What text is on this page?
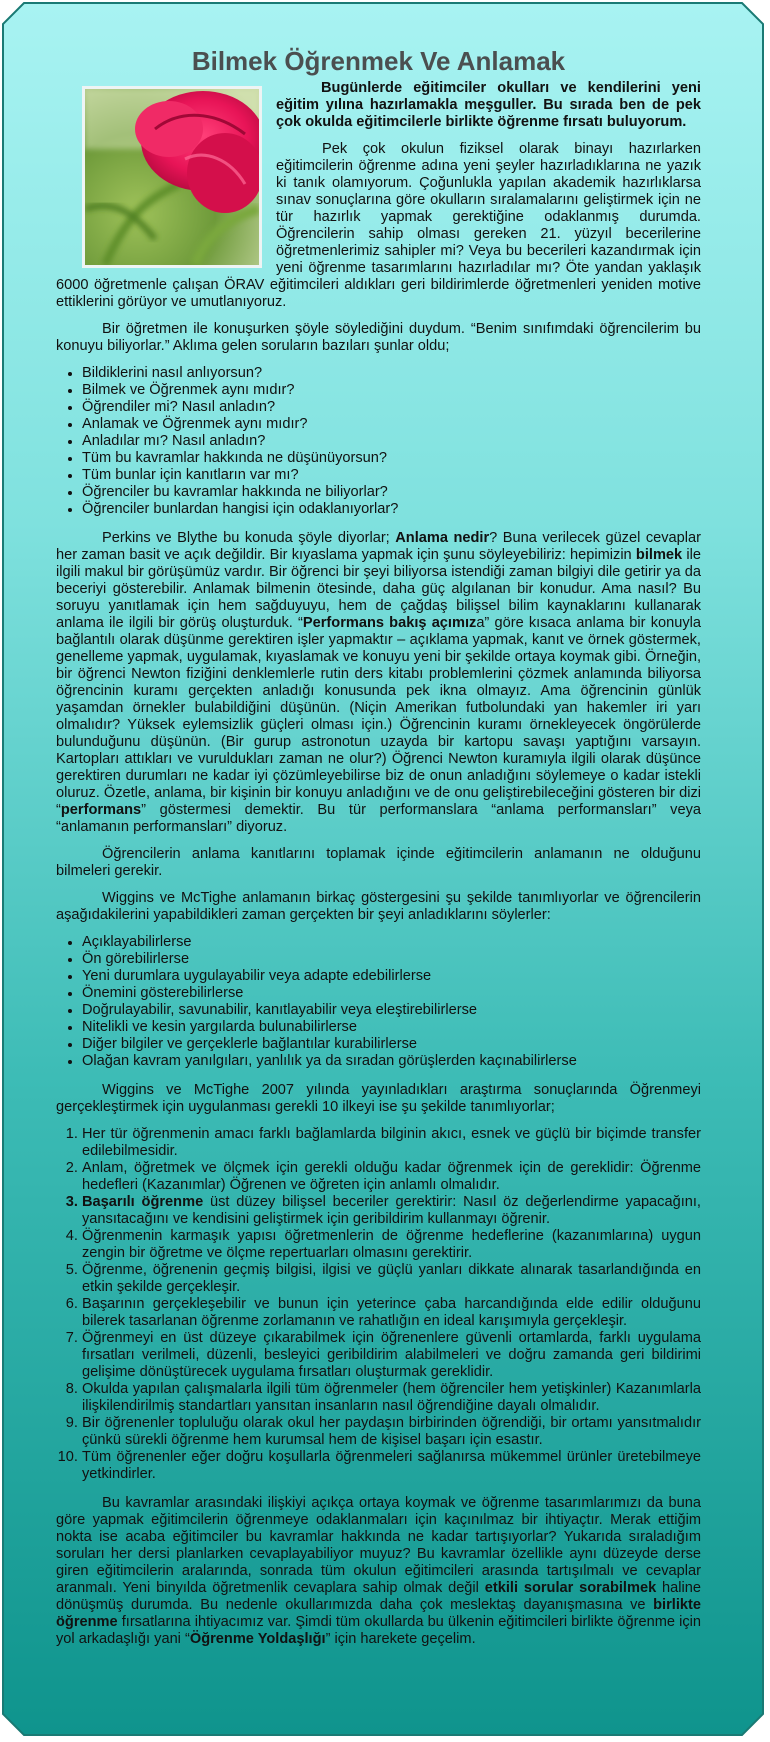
Bilmek Öğrenmek Ve Anlamak

Bugünlerde eğitimciler okulları ve kendilerini yeni eğitim yılına hazırlamakla meşguller. Bu sırada ben de pek çok okulda eğitimcilerle birlikte öğrenme fırsatı buluyorum.

Pek çok okulun fiziksel olarak binayı hazırlarken eğitimcilerin öğrenme adına yeni şeyler hazırladıklarına ne yazık ki tanık olamıyorum. Çoğunlukla yapılan akademik hazırlıklarsa sınav sonuçlarına göre okulların sıralamalarını geliştirmek için ne tür hazırlık yapmak gerektiğine odaklanmış durumda. Öğrencilerin sahip olması gereken 21. yüzyıl becerilerine öğretmenlerimiz sahipler mi? Veya bu becerileri kazandırmak için yeni öğrenme tasarımlarını hazırladılar mı? Öte yandan yaklaşık 6000 öğretmenle çalışan ÖRAV eğitimcileri aldıkları geri bildirimlerde öğretmenleri yeniden motive ettiklerini görüyor ve umutlanıyoruz.

Bir öğretmen ile konuşurken şöyle söylediğini duydum. “Benim sınıfımdaki öğrencilerim bu konuyu biliyorlar.” Aklıma gelen soruların bazıları şunlar oldu;

• Bildiklerini nasıl anlıyorsun?
• Bilmek ve Öğrenmek aynı mıdır?
• Öğrendiler mi? Nasıl anladın?
• Anlamak ve Öğrenmek aynı mıdır?
• Anladılar mı? Nasıl anladın?
• Tüm bu kavramlar hakkında ne düşünüyorsun?
• Tüm bunlar için kanıtların var mı?
• Öğrenciler bu kavramlar hakkında ne biliyorlar?
• Öğrenciler bunlardan hangisi için odaklanıyorlar?

Perkins ve Blythe bu konuda şöyle diyorlar; Anlama nedir? Buna verilecek güzel cevaplar her zaman basit ve açık değildir. Bir kıyaslama yapmak için şunu söyleyebiliriz: hepimizin bilmek ile ilgili makul bir görüşümüz vardır. Bir öğrenci bir şeyi biliyorsa istendiği zaman bilgiyi dile getirir ya da beceriyi gösterebilir. Anlamak bilmenin ötesinde, daha güç algılanan bir konudur. Ama nasıl? Bu soruyu yanıtlamak için hem sağduyuyu, hem de çağdaş bilişsel bilim kaynaklarını kullanarak anlama ile ilgili bir görüş oluşturduk. “Performans bakış açımıza” göre kısaca anlama bir konuyla bağlantılı olarak düşünme gerektiren işler yapmaktır – açıklama yapmak, kanıt ve örnek göstermek, genelleme yapmak, uygulamak, kıyaslamak ve konuyu yeni bir şekilde ortaya koymak gibi. Örneğin, bir öğrenci Newton fiziğini denklemlerle rutin ders kitabı problemlerini çözmek anlamında biliyorsa öğrencinin kuramı gerçekten anladığı konusunda pek ikna olmayız. Ama öğrencinin günlük yaşamdan örnekler bulabildiğini düşünün. (Niçin Amerikan futbolundaki yan hakemler iri yarı olmalıdır? Yüksek eylemsizlik güçleri olması için.) Öğrencinin kuramı örnekleyecek öngörülerde bulunduğunu düşünün. (Bir gurup astronotun uzayda bir kartopu savaşı yaptığını varsayın. Kartopları attıkları ve vuruldukları zaman ne olur?) Öğrenci Newton kuramıyla ilgili olarak düşünce gerektiren durumları ne kadar iyi çözümleyebilirse biz de onun anladığını söylemeye o kadar istekli oluruz. Özetle, anlama, bir kişinin bir konuyu anladığını ve de onu geliştirebileceğini gösteren bir dizi “performans” göstermesi demektir. Bu tür performanslara “anlama performansları” veya “anlamanın performansları” diyoruz.

Öğrencilerin anlama kanıtlarını toplamak içinde eğitimcilerin anlamanın ne olduğunu bilmeleri gerekir.

Wiggins ve McTighe anlamanın birkaç göstergesini şu şekilde tanımlıyorlar ve öğrencilerin aşağıdakilerini yapabildikleri zaman gerçekten bir şeyi anladıklarını söylerler:

• Açıklayabilirlerse
• Ön görebilirlerse
• Yeni durumlara uygulayabilir veya adapte edebilirlerse
• Önemini gösterebilirlerse
• Doğrulayabilir, savunabilir, kanıtlayabilir veya eleştirebilirlerse
• Nitelikli ve kesin yargılarda bulunabilirlerse
• Diğer bilgiler ve gerçeklerle bağlantılar kurabilirlerse
• Olağan kavram yanılgıları, yanlılık ya da sıradan görüşlerden kaçınabilirlerse

Wiggins ve McTighe 2007 yılında yayınladıkları araştırma sonuçlarında Öğrenmeyi gerçekleştirmek için uygulanması gerekli 10 ilkeyi ise şu şekilde tanımlıyorlar;

1. Her tür öğrenmenin amacı farklı bağlamlarda bilginin akıcı, esnek ve güçlü bir biçimde transfer edilebilmesidir.
2. Anlam, öğretmek ve ölçmek için gerekli olduğu kadar öğrenmek için de gereklidir: Öğrenme hedefleri (Kazanımlar) Öğrenen ve öğreten için anlamlı olmalıdır.
3. Başarılı öğrenme üst düzey bilişsel beceriler gerektirir: Nasıl öz değerlendirme yapacağını, yansıtacağını ve kendisini geliştirmek için geribildirim kullanmayı öğrenir.
4. Öğrenmenin karmaşık yapısı öğretmenlerin de öğrenme hedeflerine (kazanımlarına) uygun zengin bir öğretme ve ölçme repertuarları olmasını gerektirir.
5. Öğrenme, öğrenenin geçmiş bilgisi, ilgisi ve güçlü yanları dikkate alınarak tasarlandığında en etkin şekilde gerçekleşir.
6. Başarının gerçekleşebilir ve bunun için yeterince çaba harcandığında elde edilir olduğunu bilerek tasarlanan öğrenme zorlamanın ve rahatlığın en ideal karışımıyla gerçekleşir.
7. Öğrenmeyi en üst düzeye çıkarabilmek için öğrenenlere güvenli ortamlarda, farklı uygulama fırsatları verilmeli, düzenli, besleyici geribildirim alabilmeleri ve doğru zamanda geri bildirimi gelişime dönüştürecek uygulama fırsatları oluşturmak gereklidir.
8. Okulda yapılan çalışmalarla ilgili tüm öğrenmeler (hem öğrenciler hem yetişkinler) Kazanımlarla ilişkilendirilmiş standartları yansıtan insanların nasıl öğrendiğine dayalı olmalıdır.
9. Bir öğrenenler topluluğu olarak okul her paydaşın birbirinden öğrendiği, bir ortamı yansıtmalıdır çünkü sürekli öğrenme hem kurumsal hem de kişisel başarı için esastır.
10. Tüm öğrenenler eğer doğru koşullarla öğrenmeleri sağlanırsa mükemmel ürünler üretebilmeye yetkindirler.

Bu kavramlar arasındaki ilişkiyi açıkça ortaya koymak ve öğrenme tasarımlarımızı da buna göre yapmak eğitimcilerin öğrenmeye odaklanmaları için kaçınılmaz bir ihtiyaçtır. Merak ettiğim nokta ise acaba eğitimciler bu kavramlar hakkında ne kadar tartışıyorlar? Yukarıda sıraladığım soruları her dersi planlarken cevaplayabiliyor muyuz? Bu kavramlar özellikle aynı düzeyde derse giren eğitimcilerin aralarında, sonrada tüm okulun eğitimcileri arasında tartışılmalı ve cevaplar aranmalı. Yeni binyılda öğretmenlik cevaplara sahip olmak değil etkili sorular sorabilmek haline dönüşmüş durumda. Bu nedenle okullarımızda daha çok meslektaş dayanışmasına ve birlikte öğrenme fırsatlarına ihtiyacımız var. Şimdi tüm okullarda bu ülkenin eğitimcileri birlikte öğrenme için yol arkadaşlığı yani “Öğrenme Yoldaşlığı” için harekete geçelim.
